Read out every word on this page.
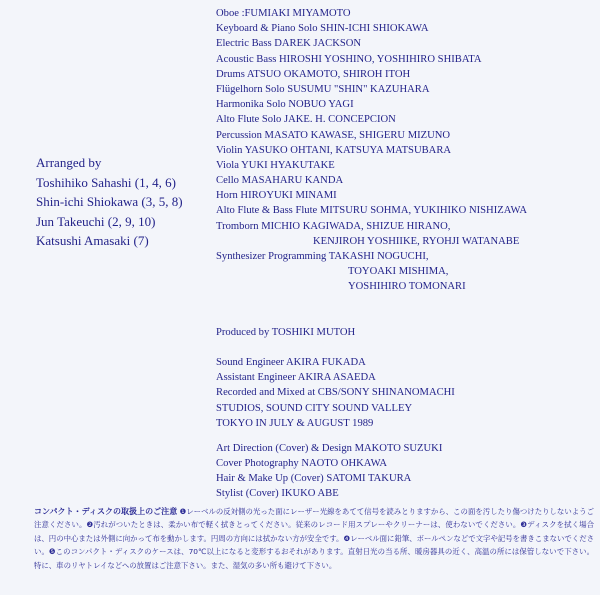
Oboe :FUMIAKI MIYAMOTO
Keyboard & Piano Solo SHIN-ICHI SHIOKAWA
Electric Bass DAREK JACKSON
Acoustic Bass HIROSHI YOSHINO, YOSHIHIRO SHIBATA
Drums ATSUO OKAMOTO, SHIROH ITOH
Flügelhorn Solo SUSUMU "SHIN" KAZUHARA
Harmonika Solo NOBUO YAGI
Alto Flute Solo JAKE. H. CONCEPCION
Percussion MASATO KAWASE, SHIGERU MIZUNO
Violin YASUKO OHTANI, KATSUYA MATSUBARA
Viola YUKI HYAKUTAKE
Cello MASAHARU KANDA
Horn HIROYUKI MINAMI
Alto Flute & Bass Flute MITSURU SOHMA, YUKIHIKO NISHIZAWA
Tromborn MICHIO KAGIWADA, SHIZUE HIRANO,
KENJIROH YOSHIIKE, RYOHJI WATANABE
Synthesizer Programming TAKASHI NOGUCHI,
TOYOAKI MISHIMA,
YOSHIHIRO TOMONARI
Produced by TOSHIKI MUTOH
Sound Engineer AKIRA FUKADA
Assistant Engineer AKIRA ASAEDA
Recorded and Mixed at CBS/SONY SHINANOMACHI
STUDIOS, SOUND CITY SOUND VALLEY
TOKYO IN JULY & AUGUST 1989
Art Direction (Cover) & Design MAKOTO SUZUKI
Cover Photography NAOTO OHKAWA
Hair & Make Up (Cover) SATOMI TAKURA
Stylist (Cover) IKUKO ABE
Arranged by
Toshihiko Sahashi (1, 4, 6)
Shin-ichi Shiokawa (3, 5, 8)
Jun Takeuchi (2, 9, 10)
Katsushi Amasaki (7)

コンパクト・ディスクの取扱上のご注意 ❶レーベルの反対側の光った面にレーザー光線をあてて信号を読みとりますから、この面を汚したり傷つけたりしないようご注意ください。❷汚れがついたときは、柔かい布で軽く拭きとってください。従来のレコード用スプレーやクリーナーは、使わないでください。❸ディスクを拭く場合は、円の中心または外側に向かって布を動かします。円周の方向には拭かない方が安全です。❹レーベル面に鉛筆、ボールペンなどで文字や記号を書きこまないでください。❺このコンパクト・ディスクのケースは、70℃以上になると変形するおそれがあります。直射日光の当る所、暖房器具の近く、高温の所には保管しないで下さい。特に、車のリヤトレイなどへの放置はご注意下さい。また、湿気の多い所も避けて下さい。
